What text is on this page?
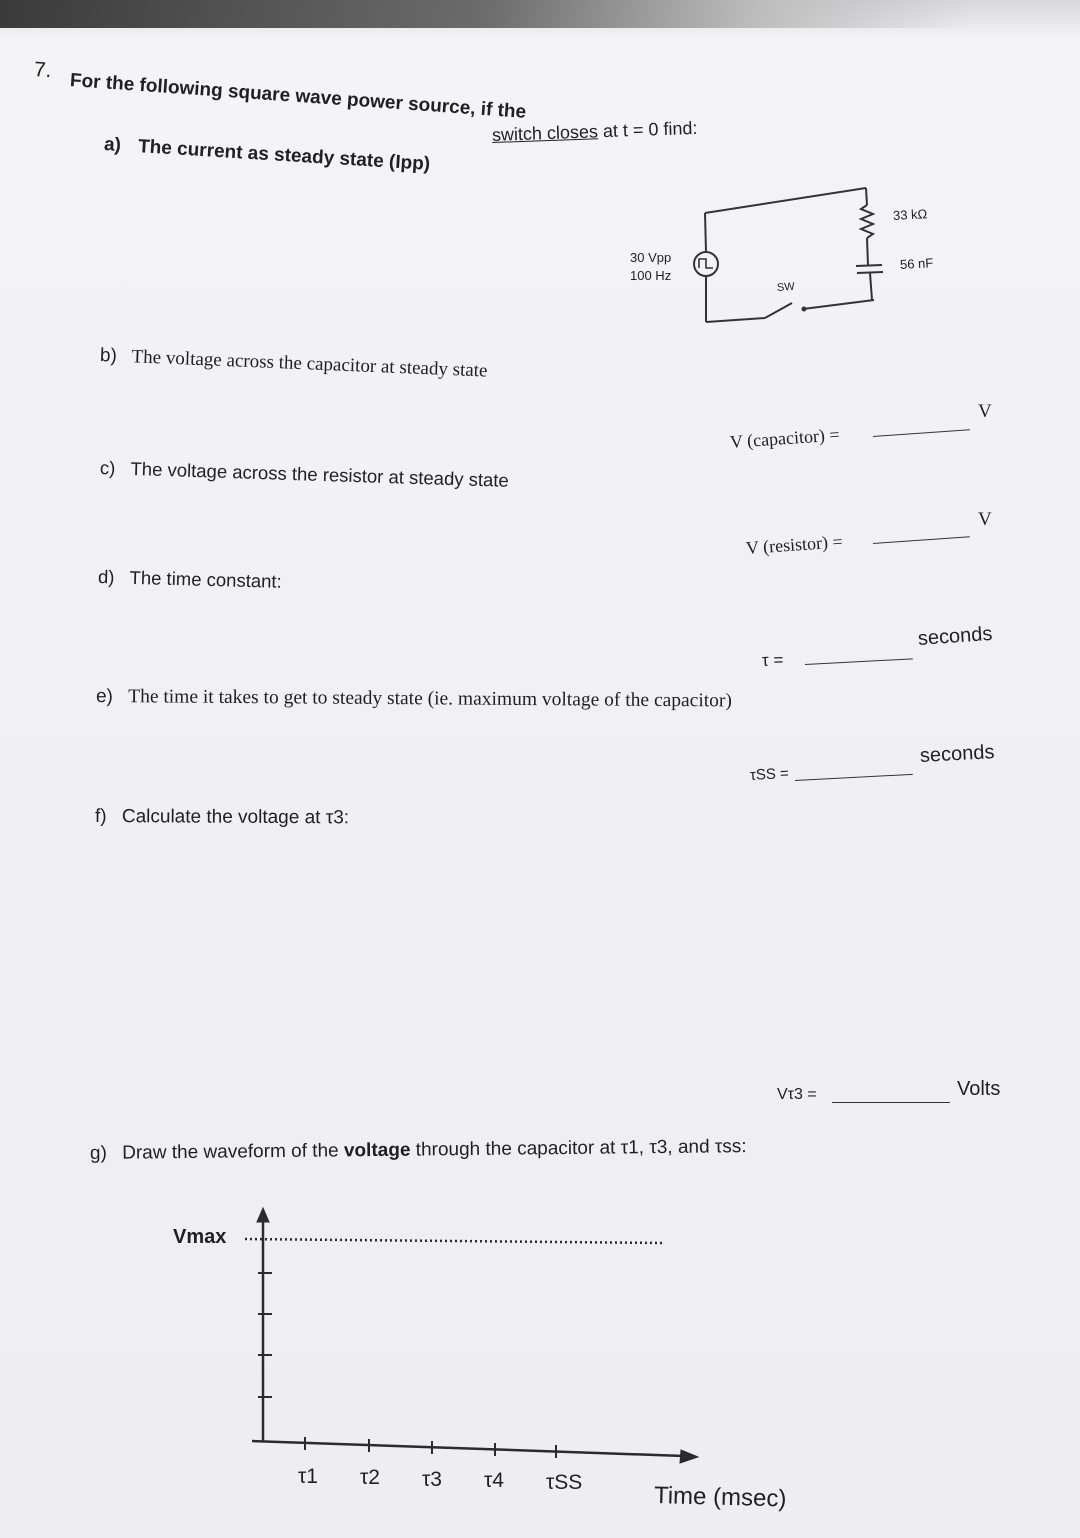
7. For the following square wave power source, if the
switch closes at t = 0 find:
a) The current as steady state (Ipp)
30 Vpp
100 Hz
33 kΩ
56 nF
SW
b) The voltage across the capacitor at steady state
V (capacitor) =
V
c) The voltage across the resistor at steady state
V (resistor) =
V
d) The time constant:
τ =
seconds
e) The time it takes to get to steady state (ie. maximum voltage of the capacitor)
τSS =
seconds
f) Calculate the voltage at τ3:
Vτ3 =	Volts
g) Draw the waveform of the voltage through the capacitor at τ1, τ3, and τss:
Vmax
τ1 τ2 τ3 τ4 τSS	Time (msec)
